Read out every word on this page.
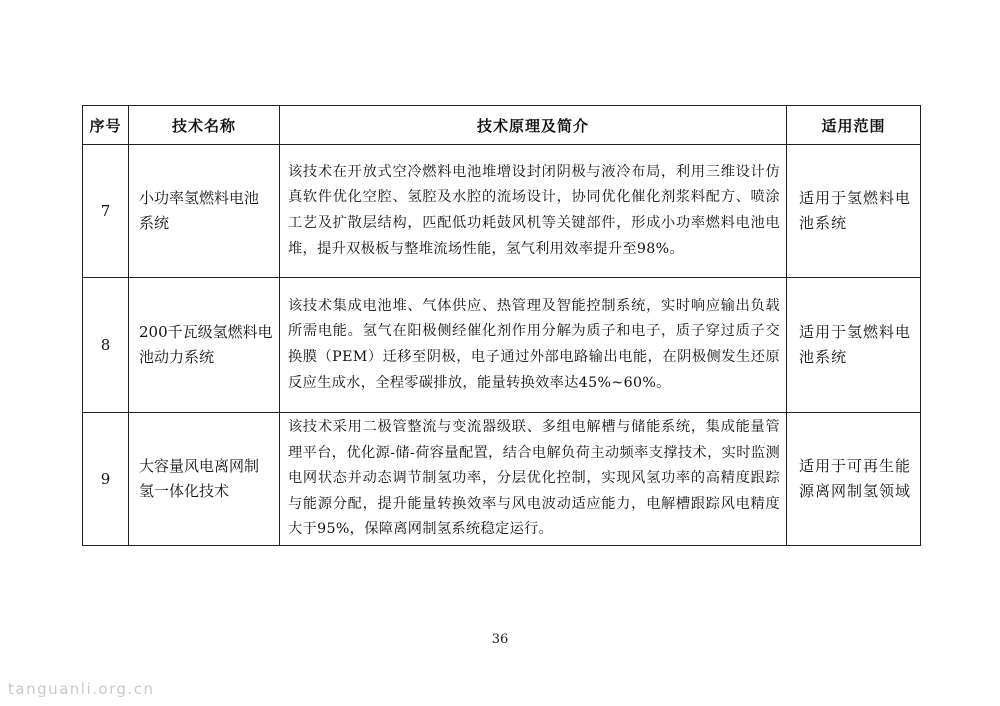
序号	技术名称	技术原理及简介	适用范围
7	小功率氢燃料电池系统	该技术在开放式空冷燃料电池堆增设封闭阴极与液冷布局，利用三维设计仿真软件优化空腔、氢腔及水腔的流场设计，协同优化催化剂浆料配方、喷涂工艺及扩散层结构，匹配低功耗鼓风机等关键部件，形成小功率燃料电池电堆，提升双极板与整堆流场性能，氢气利用效率提升至98%。	适用于氢燃料电池系统
8	200千瓦级氢燃料电池动力系统	该技术集成电池堆、气体供应、热管理及智能控制系统，实时响应输出负载所需电能。氢气在阳极侧经催化剂作用分解为质子和电子，质子穿过质子交换膜（PEM）迁移至阴极，电子通过外部电路输出电能，在阴极侧发生还原反应生成水，全程零碳排放，能量转换效率达45%~60%。	适用于氢燃料电池系统
9	大容量风电离网制氢一体化技术	该技术采用二极管整流与变流器级联、多组电解槽与储能系统，集成能量管理平台，优化源-储-荷容量配置，结合电解负荷主动频率支撑技术，实时监测电网状态并动态调节制氢功率，分层优化控制，实现风氢功率的高精度跟踪与能源分配，提升能量转换效率与风电波动适应能力，电解槽跟踪风电精度大于95%，保障离网制氢系统稳定运行。	适用于可再生能源离网制氢领域
36
tanguanli.org.cn
